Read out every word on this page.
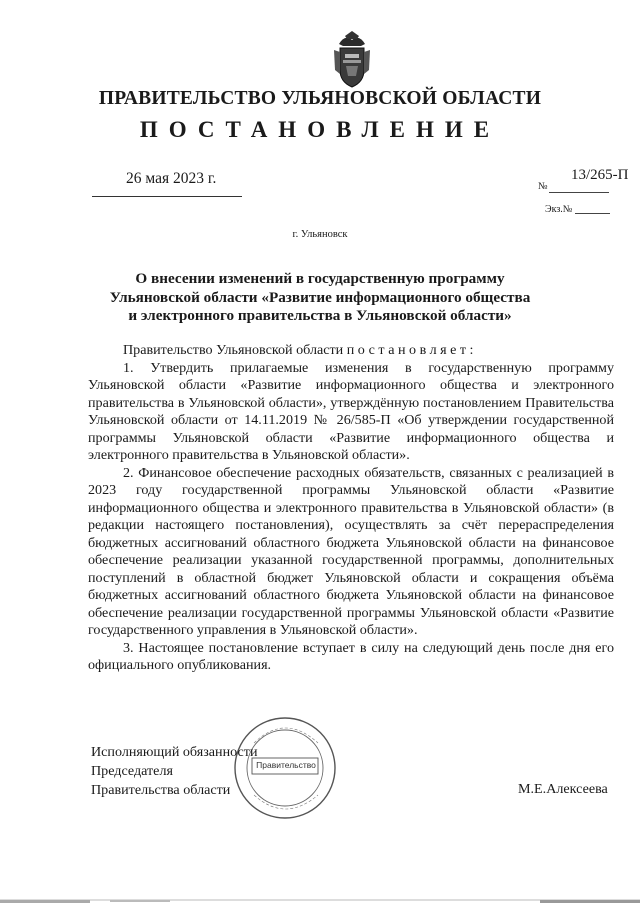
ПРАВИТЕЛЬСТВО УЛЬЯНОВСКОЙ ОБЛАСТИ
ПОСТАНОВЛЕНИЕ
26 мая 2023 г.	13/265-П
№
Экз.№
г. Ульяновск
О внесении изменений в государственную программу
Ульяновской области «Развитие информационного общества
и электронного правительства в Ульяновской области»

Правительство Ульяновской области постановляет:

1. Утвердить прилагаемые изменения в государственную программу Ульяновской области «Развитие информационного общества и электронного правительства в Ульяновской области», утверждённую постановлением Правительства Ульяновской области от 14.11.2019 № 26/585-П «Об утверждении государственной программы Ульяновской области «Развитие информационного общества и электронного правительства в Ульяновской области».

2. Финансовое обеспечение расходных обязательств, связанных с реализацией в 2023 году государственной программы Ульяновской области «Развитие информационного общества и электронного правительства в Ульяновской области» (в редакции настоящего постановления), осуществлять за счёт перераспределения бюджетных ассигнований областного бюджета Ульяновской области на финансовое обеспечение реализации указанной государственной программы, дополнительных поступлений в областной бюджет Ульяновской области и сокращения объёма бюджетных ассигнований областного бюджета Ульяновской области на финансовое обеспечение реализации государственной программы Ульяновской области «Развитие государственного управления в Ульяновской области».

3. Настоящее постановление вступает в силу на следующий день после дня его официального опубликования.

Правительство
Исполняющий обязанности
Председателя
Правительства области	М.Е.Алексеева
